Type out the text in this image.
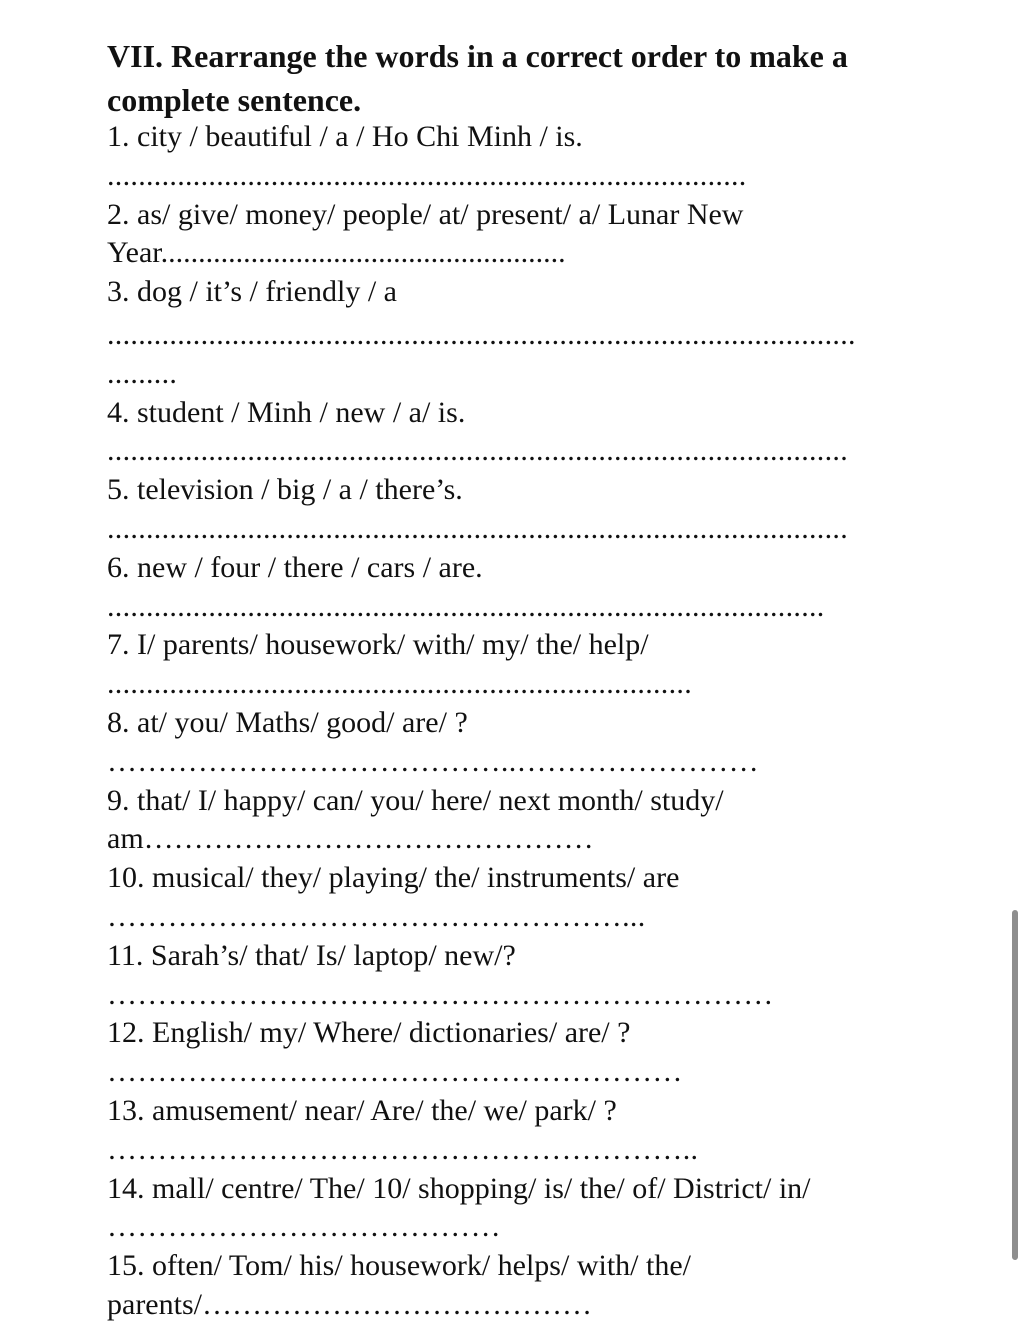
VII. Rearrange the words in a correct order to make a
complete sentence.
1. city / beautiful / a / Ho Chi Minh / is.
..................................................................................
2. as/ give/ money/ people/ at/ present/ a/ Lunar New
Year......................................................
3. dog / it’s / friendly / a
................................................................................................
.........
4. student / Minh / new / a/ is.
...............................................................................................
5. television / big / a / there’s.
...............................................................................................
6. new / four / there / cars / are.
............................................................................................
7. I/ parents/ housework/ with/ my/ the/ help/
...........................................................................
8. at/ you/ Maths/ good/ are/ ?
…………………………………..……………………
9. that/ I/ happy/ can/ you/ here/ next month/ study/
am………………………………………
10. musical/ they/ playing/ the/ instruments/ are
……………………………………………...
11. Sarah’s/ that/ Is/ laptop/ new/?
…………………………………………………………
12. English/ my/ Where/ dictionaries/ are/ ?
…………………………………………………
13. amusement/ near/ Are/ the/ we/ park/ ?
…………………………………………………..
14. mall/ centre/ The/ 10/ shopping/ is/ the/ of/ District/ in/
…………………………………
15. often/ Tom/ his/ housework/ helps/ with/ the/
parents/…………………………………
